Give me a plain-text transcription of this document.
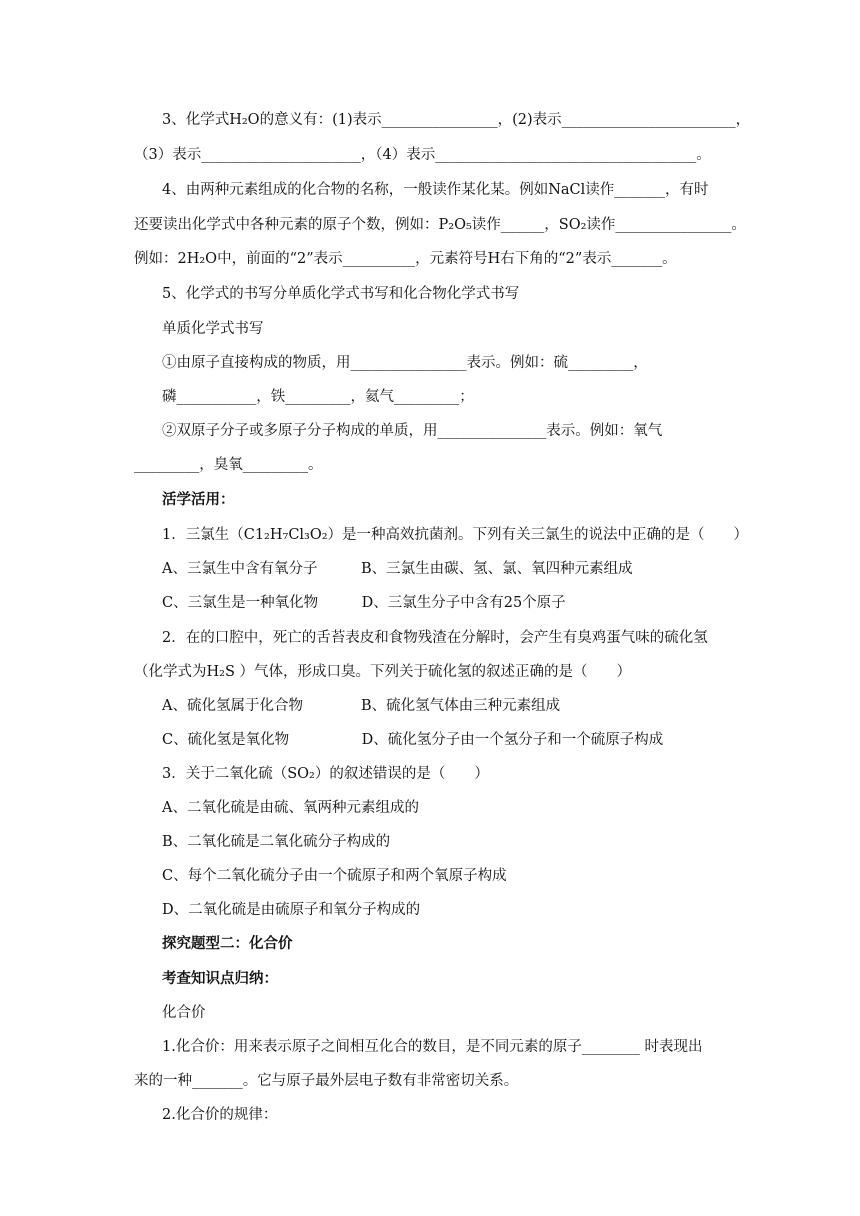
3、化学式H₂O的意义有：(1)表示________________，(2)表示________________________，
（3）表示______________________，（4）表示____________________________________。
4、由两种元素组成的化合物的名称，一般读作某化某。例如NaCl读作_______，有时
还要读出化学式中各种元素的原子个数，例如：P₂O₅读作______，SO₂读作________________。
例如：2H₂O中，前面的“2”表示__________，元素符号H右下角的“2”表示_______。
5、化学式的书写分单质化学式书写和化合物化学式书写
单质化学式书写
①由原子直接构成的物质，用________________表示。例如：硫_________，
磷___________，铁_________，氦气_________；
②双原子分子或多原子分子构成的单质，用_______________表示。例如：氧气
_________，臭氧_________。
活学活用：
1．三氯生（C1₂H₇Cl₃O₂）是一种高效抗菌剂。下列有关三氯生的说法中正确的是（　　）
A、三氯生中含有氧分子　　　B、三氯生由碳、氢、氯、氧四种元素组成
C、三氯生是一种氧化物　　　D、三氯生分子中含有25个原子
2．在的口腔中，死亡的舌苔表皮和食物残渣在分解时，会产生有臭鸡蛋气味的硫化氢
（化学式为H₂S ）气体，形成口臭。下列关于硫化氢的叙述正确的是（　　）
A、硫化氢属于化合物　　　　B、硫化氢气体由三种元素组成
C、硫化氢是氧化物　　　　　D、硫化氢分子由一个氢分子和一个硫原子构成
3．关于二氧化硫（SO₂）的叙述错误的是（　　）
A、二氧化硫是由硫、氧两种元素组成的
B、二氧化硫是二氧化硫分子构成的
C、每个二氧化硫分子由一个硫原子和两个氧原子构成
D、二氧化硫是由硫原子和氧分子构成的
探究题型二：化合价
考查知识点归纳：
化合价
1.化合价：用来表示原子之间相互化合的数目，是不同元素的原子________ 时表现出
来的一种_______。它与原子最外层电子数有非常密切关系。
2.化合价的规律：
